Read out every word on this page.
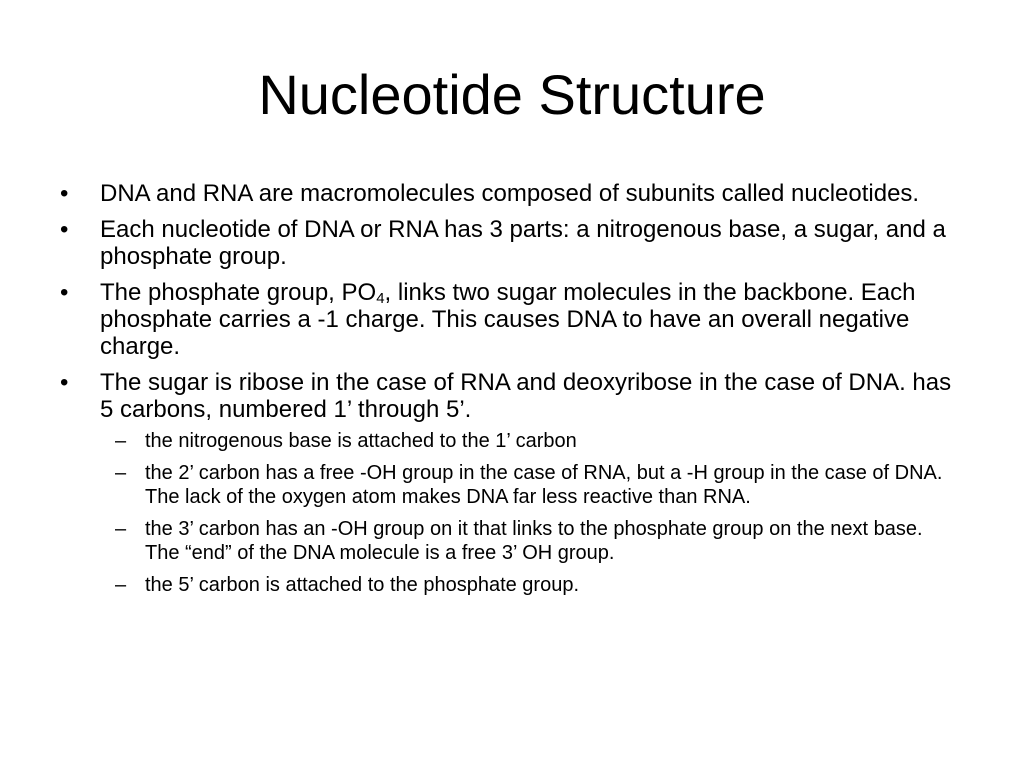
Nucleotide Structure
• DNA and RNA are macromolecules composed of subunits called nucleotides.
• Each nucleotide of DNA or RNA has 3 parts: a nitrogenous base, a sugar, and a phosphate group.
• The phosphate group, $PO_4$, links two sugar molecules in the backbone. Each phosphate carries a -1 charge. This causes DNA to have an overall negative charge.
• The sugar is ribose in the case of RNA and deoxyribose in the case of DNA. has 5 carbons, numbered 1’ through 5’.
– the nitrogenous base is attached to the 1’ carbon
– the 2’ carbon has a free -OH group in the case of RNA, but a -H group in the case of DNA. The lack of the oxygen atom makes DNA far less reactive than RNA.
– the 3’ carbon has an -OH group on it that links to the phosphate group on the next base. The “end” of the DNA molecule is a free 3’ OH group.
– the 5’ carbon is attached to the phosphate group.
